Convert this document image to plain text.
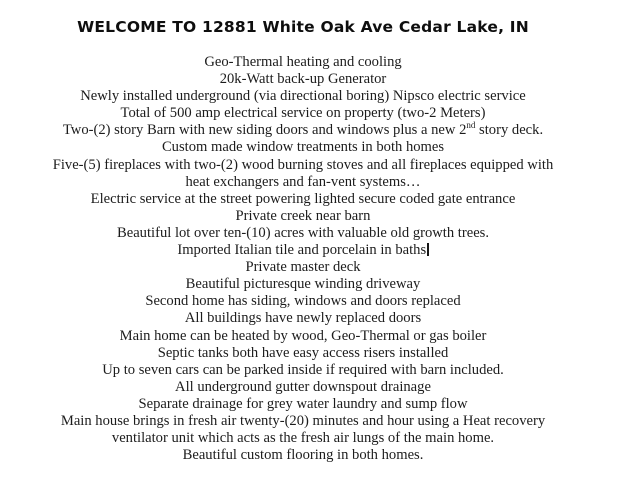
WELCOME TO 12881 White Oak Ave Cedar Lake, IN

Geo-Thermal heating and cooling

20k-Watt back-up Generator

Newly installed underground (via directional boring) Nipsco electric service

Total of 500 amp electrical service on property (two-2 Meters)

Two-(2) story Barn with new siding doors and windows plus a new 2nd story deck.

Custom made window treatments in both homes

Five-(5) fireplaces with two-(2) wood burning stoves and all fireplaces equipped with
heat exchangers and fan-vent systems…

Electric service at the street powering lighted secure coded gate entrance

Private creek near barn

Beautiful lot over ten-(10) acres with valuable old growth trees.

Imported Italian tile and porcelain in baths

Private master deck

Beautiful picturesque winding driveway

Second home has siding, windows and doors replaced

All buildings have newly replaced doors

Main home can be heated by wood, Geo-Thermal or gas boiler

Septic tanks both have easy access risers installed

Up to seven cars can be parked inside if required with barn included.

All underground gutter downspout drainage

Separate drainage for grey water laundry and sump flow

Main house brings in fresh air twenty-(20) minutes and hour using a Heat recovery
ventilator unit which acts as the fresh air lungs of the main home.

Beautiful custom flooring in both homes.
